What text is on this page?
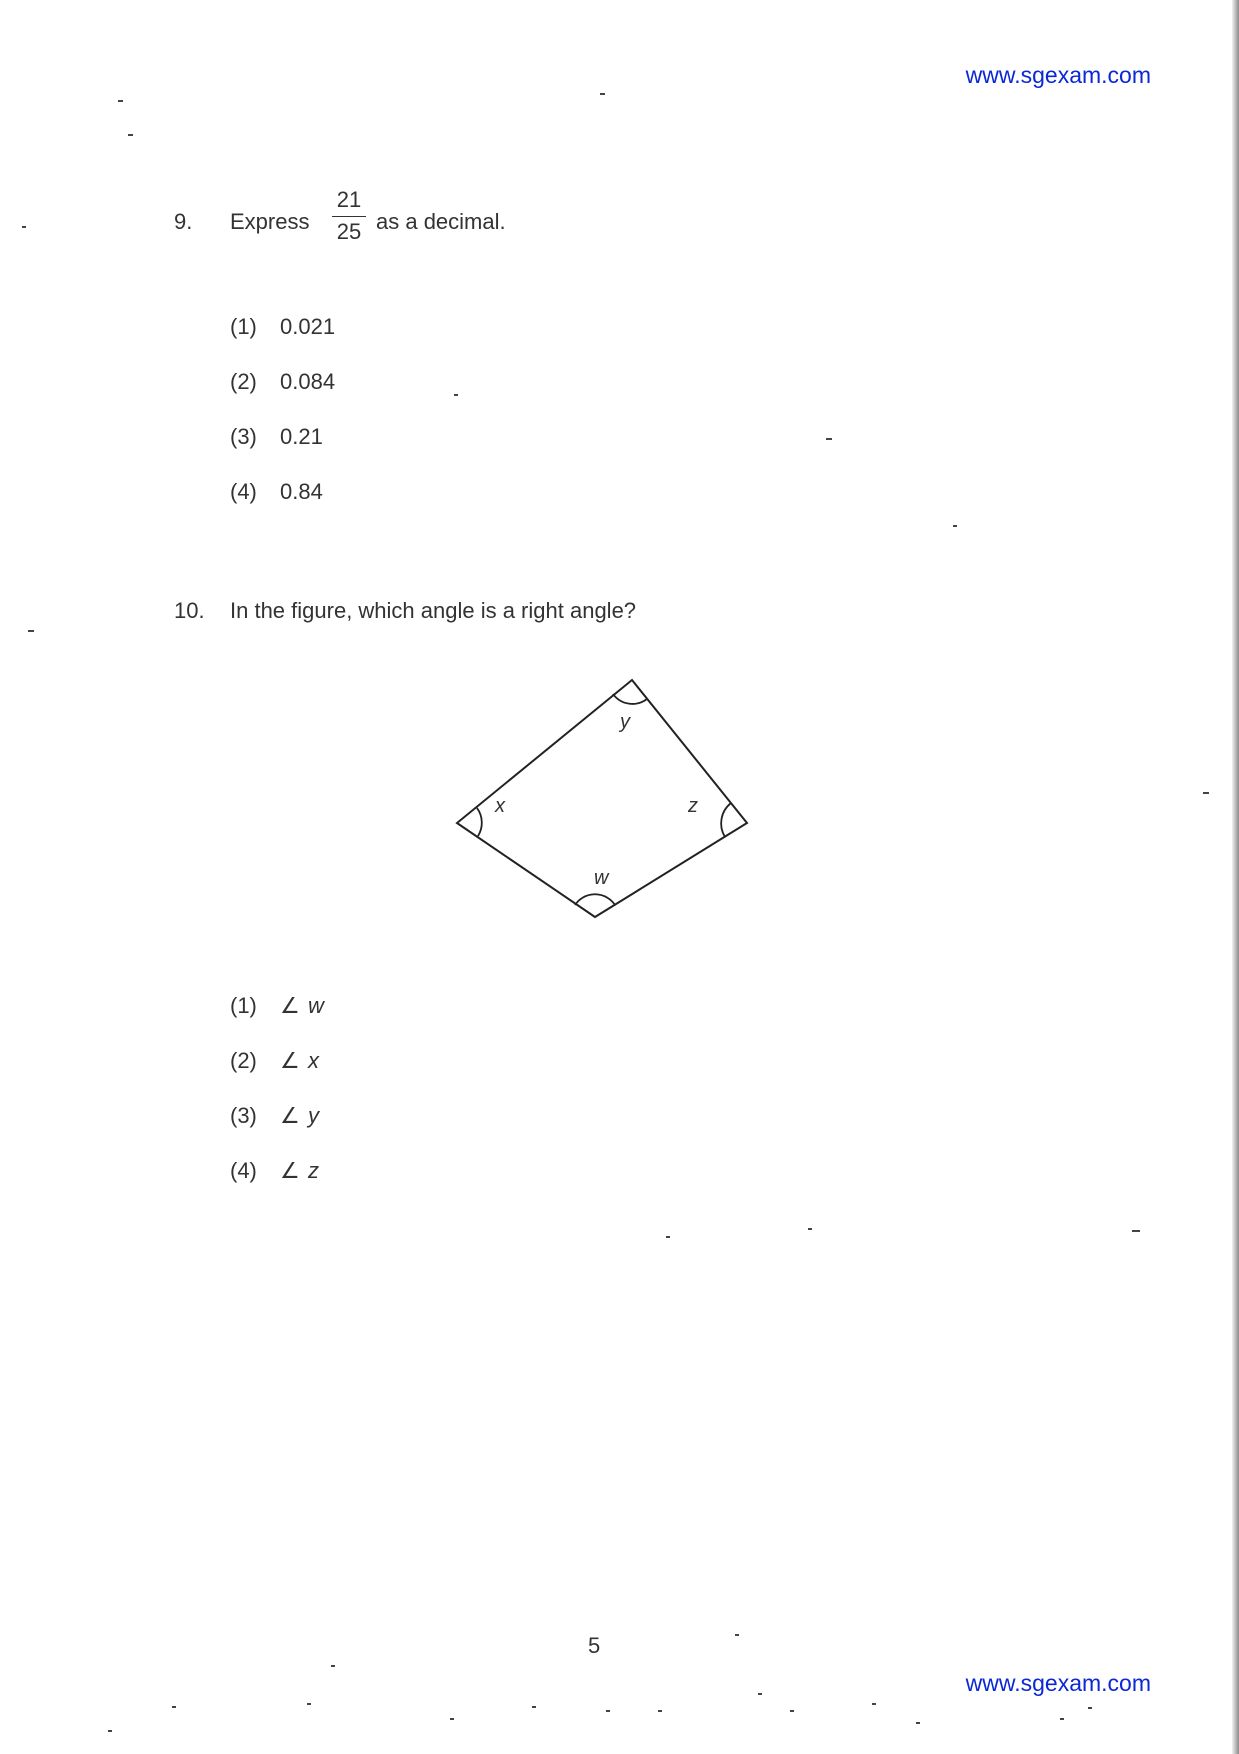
www.sgexam.com
9. Express
21
25 as a decimal.
(1) 0.021
(2) 0.084
(3) 0.21
(4) 0.84
10. In the figure, which angle is a right angle?
y
x	z
w
(1) ∠ w
(2) ∠ x
(3) ∠ y
(4) ∠ z
5
www.sgexam.com
